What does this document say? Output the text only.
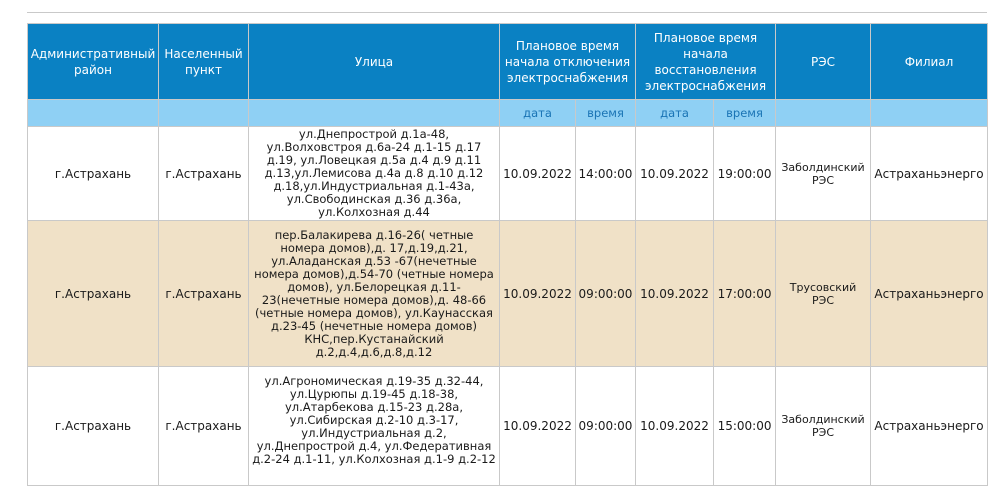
Административный район	Населенный пункт	Улица	Плановое время начала отключения электроснабжения		Плановое время начала восстановления электроснабжения		РЭС	Филиал
			дата	время	дата	время		
г.Астрахань	г.Астрахань	ул.Днепрострой д.1а-48, ул.Волховстроя д.6а-24 д.1-15 д.17 д.19, ул.Ловецкая д.5а д.4 д.9 д.11 д.13,ул.Лемисова д.4а д.8 д.10 д.12 д.18,ул.Индустриальная д.1-43а, ул.Свободинская д.36 д.36а, ул.Колхозная д.44	10.09.2022	14:00:00	10.09.2022	19:00:00	Заболдинский РЭС	Астраханьэнерго
г.Астрахань	г.Астрахань	пер.Балакирева д.16-26( четные номера домов),д. 17,д.19,д.21, ул.Аладанская д.53 -67(нечетные номера домов),д.54-70 (четные номера домов), ул.Белорецкая д.11-23(нечетные номера домов),д. 48-66 (четные номера домов), ул.Каунасская д.23-45 (нечетные номера домов) КНС,пер.Кустанайский д.2,д.4,д.6,д.8,д.12	10.09.2022	09:00:00	10.09.2022	17:00:00	Трусовский РЭС	Астраханьэнерго
г.Астрахань	г.Астрахань	ул.Агрономическая д.19-35 д.32-44, ул.Цурюпы д.19-45 д.18-38, ул.Атарбекова д.15-23 д.28а, ул.Сибирская д.2-10 д.3-17, ул.Индустриальная д.2, ул.Днепрострой д.4, ул.Федеративная д.2-24 д.1-11, ул.Колхозная д.1-9 д.2-12	10.09.2022	09:00:00	10.09.2022	15:00:00	Заболдинский РЭС	Астраханьэнерго
